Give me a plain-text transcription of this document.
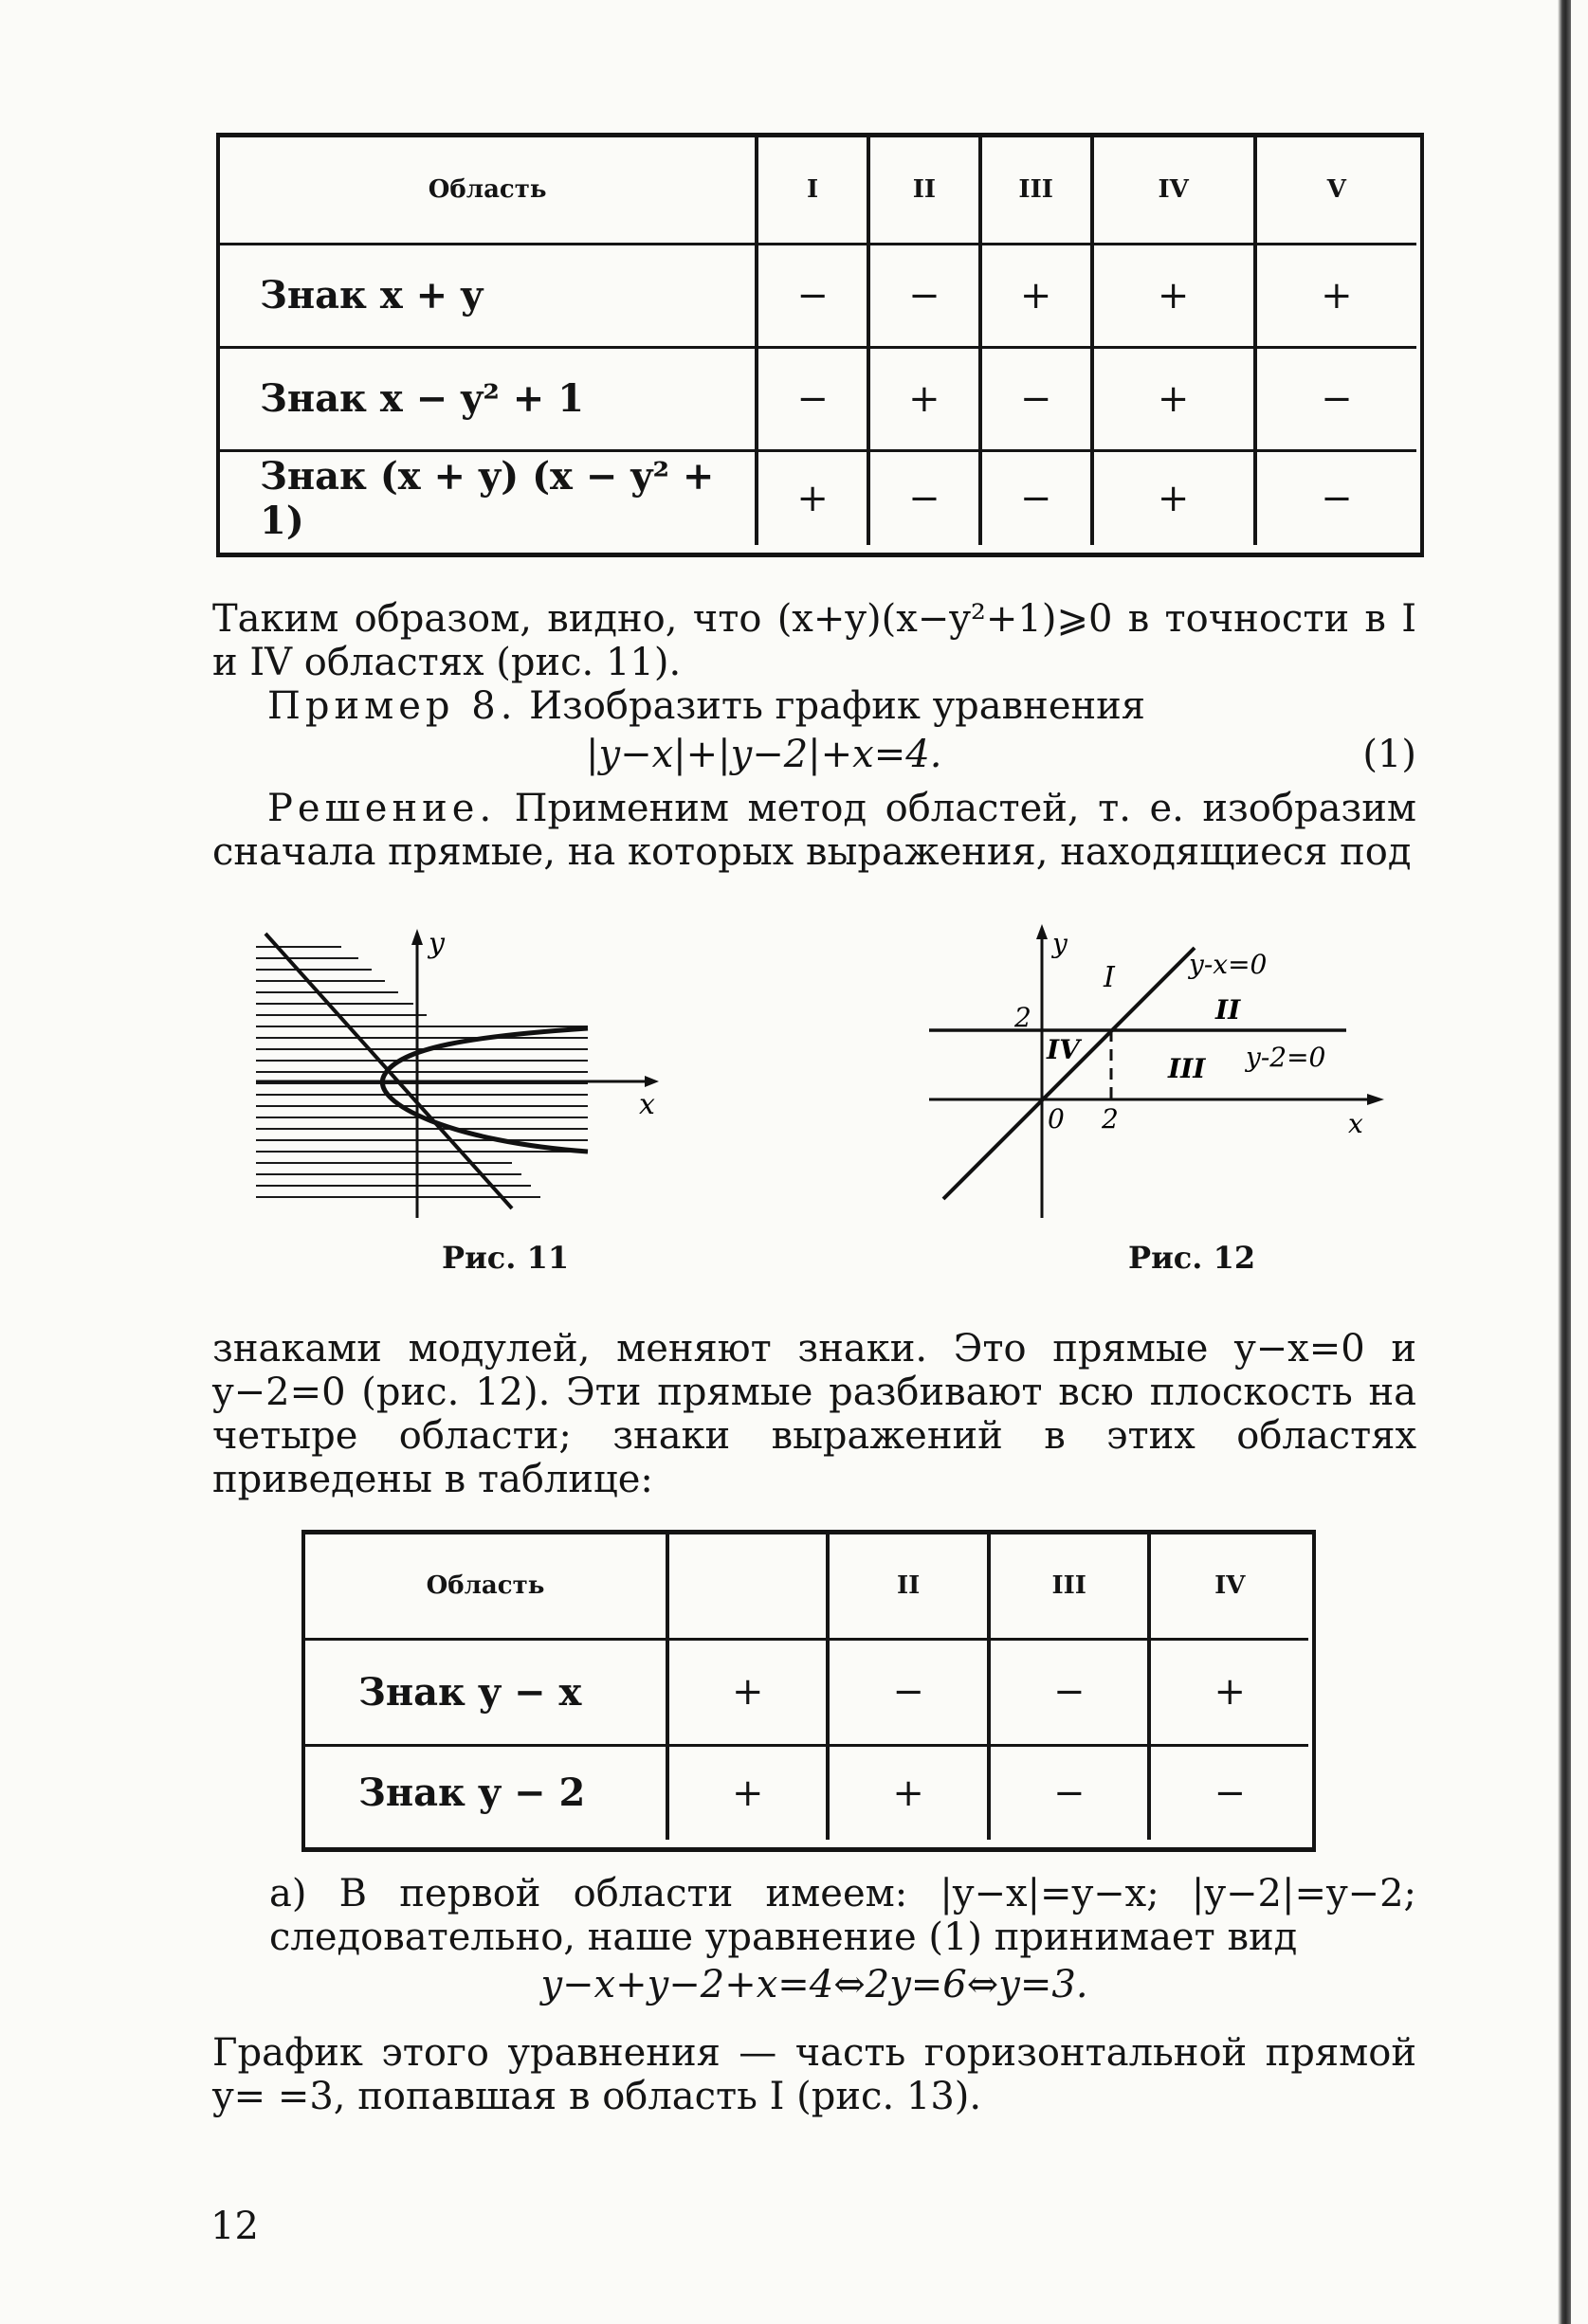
Область	I	II	III	IV	V
Знак x + y	−	−	+	+	+
Знак x − y² + 1	−	+	−	+	−
Знак (x + y) (x − y² + 1)	+	−	−	+	−

Таким образом, видно, что (x+y)(x−y²+1)⩾0 в точности в I и IV областях (рис. 11).

Пример 8. Изобразить график уравнения

|y−x|+|y−2|+x=4.	(1)

Решение. Применим метод областей, т. е. изобразим сначала прямые, на которых выражения, находящиеся под

x
y
Рис. 11
y
x
y-x=0
y-2=0
I
II
III
IV
2
0 2
Рис. 12

знаками модулей, меняют знаки. Это прямые y−x=0 и y−2=0 (рис. 12). Эти прямые разбивают всю плоскость на четыре области; знаки выражений в этих областях приведены в таблице:

Область		II	III	IV
Знак y − x	+	−	−	+
Знак y − 2	+	+	−	−

а) В первой области имеем: |y−x|=y−x; |y−2|=y−2; следовательно, наше уравнение (1) принимает вид

y−x+y−2+x=4⇔2y=6⇔y=3.

График этого уравнения — часть горизонтальной прямой y= =3, попавшая в область I (рис. 13).

12
